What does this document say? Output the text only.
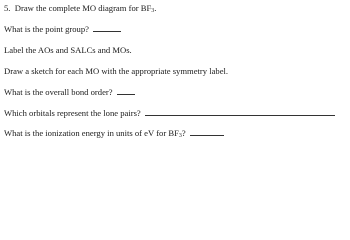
5. Draw the complete MO diagram for BF3.
What is the point group?
Label the AOs and SALCs and MOs.
Draw a sketch for each MO with the appropriate symmetry label.
What is the overall bond order?
Which orbitals represent the lone pairs?
What is the ionization energy in units of eV for BF3?
